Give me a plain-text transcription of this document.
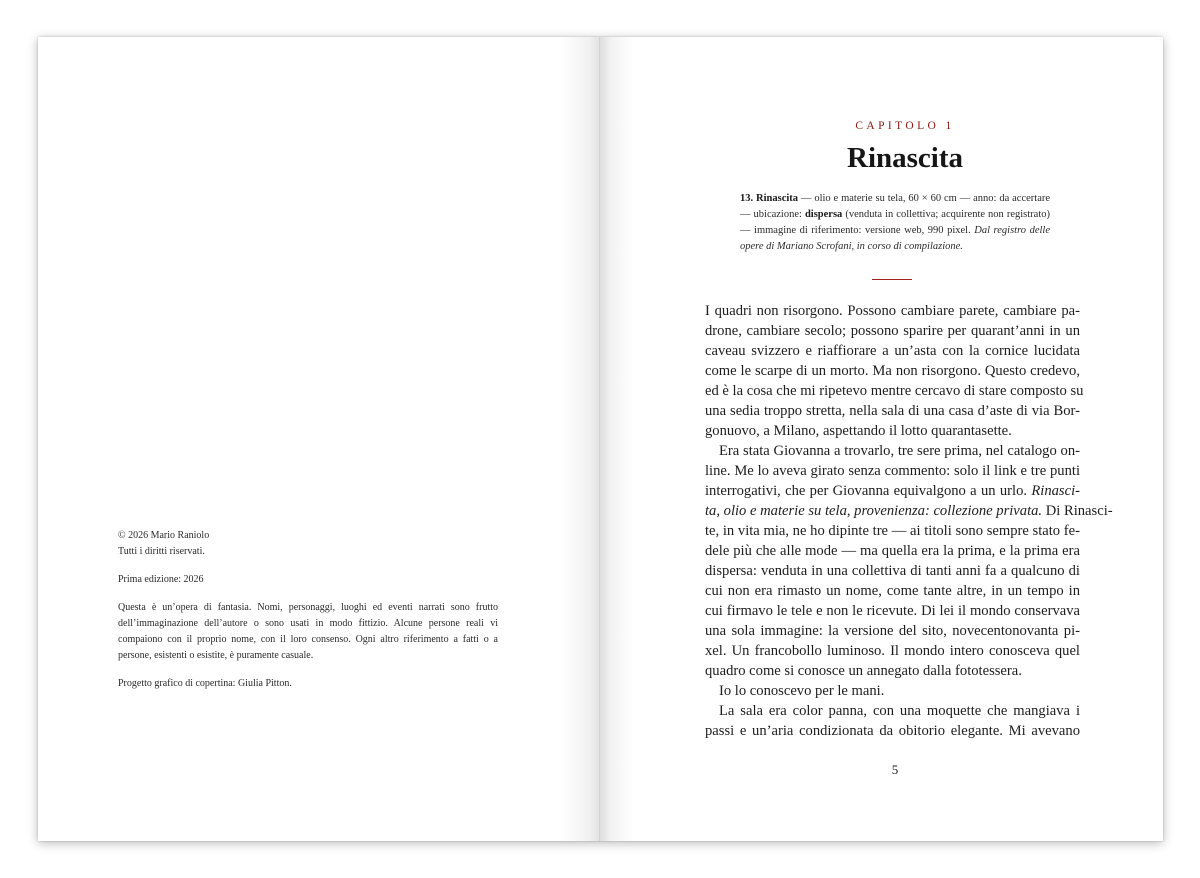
© 2026 Mario Raniolo

Tutti i diritti riservati.

Prima edizione: 2026

Questa è un’opera di fantasia. Nomi, personaggi, luoghi ed eventi narrati sono frutto dell’immaginazione dell’autore o sono usati in modo fittizio. Alcune persone reali vi compaiono con il proprio nome, con il loro consenso. Ogni altro riferimento a fatti o a persone, esistenti o esistite, è puramente casuale.

Progetto grafico di copertina: Giulia Pitton.

CAPITOLO 1
Rinascita
13. Rinascita — olio e materie su tela, 60 × 60 cm — anno: da accertare — ubicazione: dispersa (venduta in collettiva; acquirente non registrato) — immagine di riferimento: versione web, 990 pixel. Dal registro delle opere di Mariano Scrofani, in corso di compilazione.
I quadri non risorgono. Possono cambiare parete, cambiare pa-
drone, cambiare secolo; possono sparire per quarant’anni in un
caveau svizzero e riaffiorare a un’asta con la cornice lucidata
come le scarpe di un morto. Ma non risorgono. Questo credevo,
ed è la cosa che mi ripetevo mentre cercavo di stare composto su
una sedia troppo stretta, nella sala di una casa d’aste di via Bor-
gonuovo, a Milano, aspettando il lotto quarantasette.
Era stata Giovanna a trovarlo, tre sere prima, nel catalogo on-
line. Me lo aveva girato senza commento: solo il link e tre punti
interrogativi, che per Giovanna equivalgono a un urlo. Rinasci-
ta, olio e materie su tela, provenienza: collezione privata. Di Rinasci-
te, in vita mia, ne ho dipinte tre — ai titoli sono sempre stato fe-
dele più che alle mode — ma quella era la prima, e la prima era
dispersa: venduta in una collettiva di tanti anni fa a qualcuno di
cui non era rimasto un nome, come tante altre, in un tempo in
cui firmavo le tele e non le ricevute. Di lei il mondo conservava
una sola immagine: la versione del sito, novecentonovanta pi-
xel. Un francobollo luminoso. Il mondo intero conosceva quel
quadro come si conosce un annegato dalla fototessera.
Io lo conoscevo per le mani.
La sala era color panna, con una moquette che mangiava i
passi e un’aria condizionata da obitorio elegante. Mi avevano
5
